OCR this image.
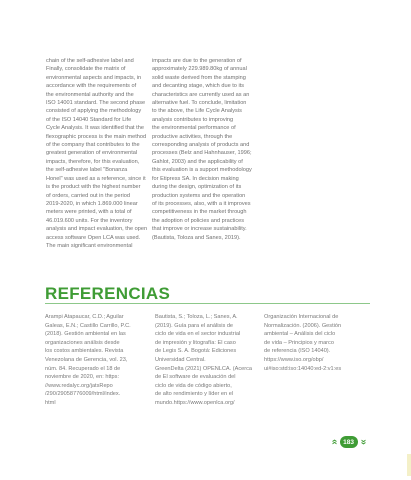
chain of the self-adhesive label and
Finally, consolidate the matrix of
environmental aspects and impacts, in
accordance with the requirements of
the environmental authority and the
ISO 14001 standard. The second phase
consisted of applying the methodology
of the ISO 14040 Standard for Life
Cycle Analysis. It was identified that the
flexographic process is the main method
of the company that contributes to the
greatest generation of environmental
impacts, therefore, for this evaluation,
the self-adhesive label "Bonanza
Honel" was used as a reference, since it
is the product with the highest number
of orders, carried out in the period
2019-2020, in which 1.869.000 linear
meters were printed, with a total of
46.019.600 units. For the inventory
analysis and impact evaluation, the open
access software Open LCA was used.
The main significant environmental
impacts are due to the generation of
approximately 229.989.80kg of annual
solid waste derived from the stamping
and decanting stage, which due to its
characteristics are currently used as an
alternative fuel. To conclude, limitation
to the above, the Life Cycle Analysis
analysis contributes to improving
the environmental performance of
productive activities, through the
corresponding analysis of products and
processes (Belz and Hahnhauser, 1996;
Gahlot, 2003) and the applicability of
this evaluation is a support methodology
for Etipress SA. In decision making
during the design, optimization of its
production systems and the operation
of its processes, also, with a it improves
competitiveness in the market through
the adoption of policies and practices
that improve or increase sustainability.
(Bautista, Toloza and Sanes, 2019).
REFERENCIAS
Arampi Atapaucar, C.D.; Aguilar
Galeas, E.N.; Castillo Carrillo, P.C.
(2018). Gestión ambiental en las
organizaciones análisis desde
los costos ambientales. Revista
Venezolana de Gerencia, vol. 23,
núm. 84. Recuperado el 18 de
noviembre de 2020, en: https:
//www.redalyc.org/jatsRepo
/290/29058776009/html/index.
html
Bautista, S.; Toloza, L.; Sanes, A.
(2019). Guía para el análisis de
ciclo de vida en el sector industrial
de impresión y litografía: El caso
de Legis S. A. Bogotá: Ediciones
Universidad Central.
GreenDelta (2021) OPENLCA. (Acerca
de El software de evaluación del
ciclo de vida de código abierto,
de alto rendimiento y líder en el
mundo.https://www.openlca.org/
Organización Internacional de
Normalización. (2006). Gestión
ambiental – Análisis del ciclo
de vida – Principios y marco
de referencia (ISO 14040).
https://www.iso.org/obp/
ui#iso:std:iso:14040:ed-2:v1:es
» 183 »
